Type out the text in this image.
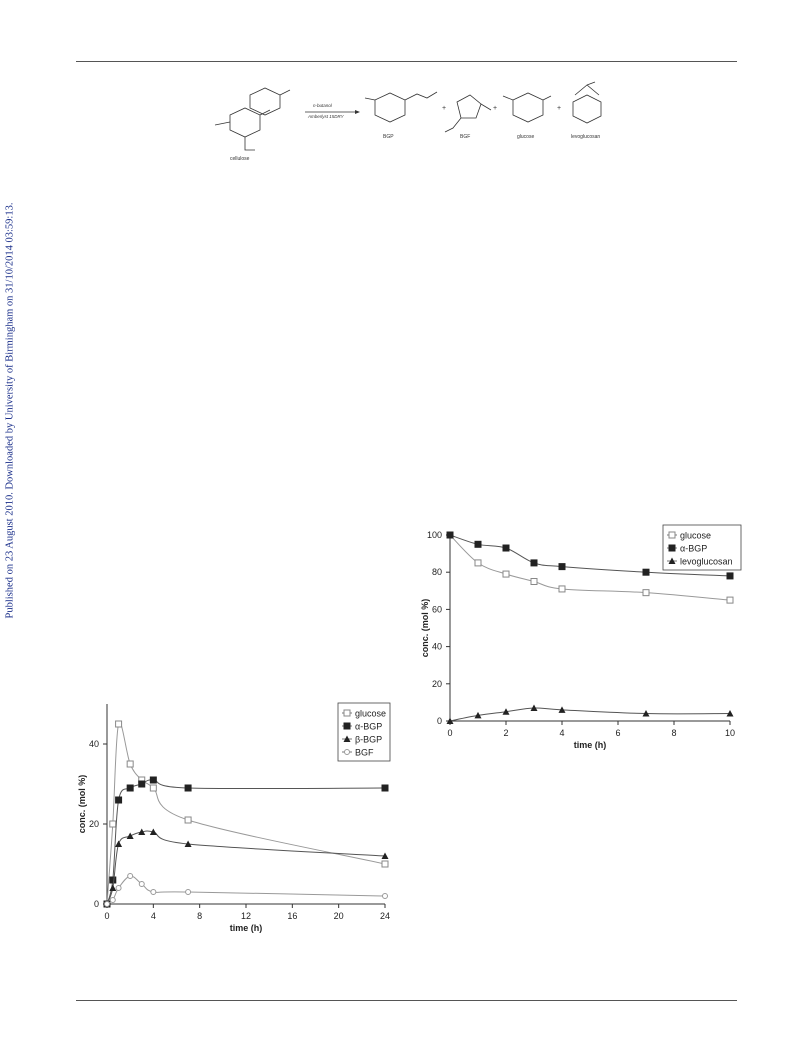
Published on 23 August 2010. Downloaded by University of Birmingham on 31/10/2014 03:59:13.
cellulose
n-butanol
Amberlyst 15DRY
BGP
+
BGF
+
glucose
+
levoglucosan
0	2	4	6	8	10
0
20
40
60
80
100
time (h)
conc. (mol %)
glucose
α-BGP
levoglucosan
0	4	8	12	16	20	24
0
20
40
time (h)
conc. (mol %)
glucose
α-BGP
β-BGP
BGF
